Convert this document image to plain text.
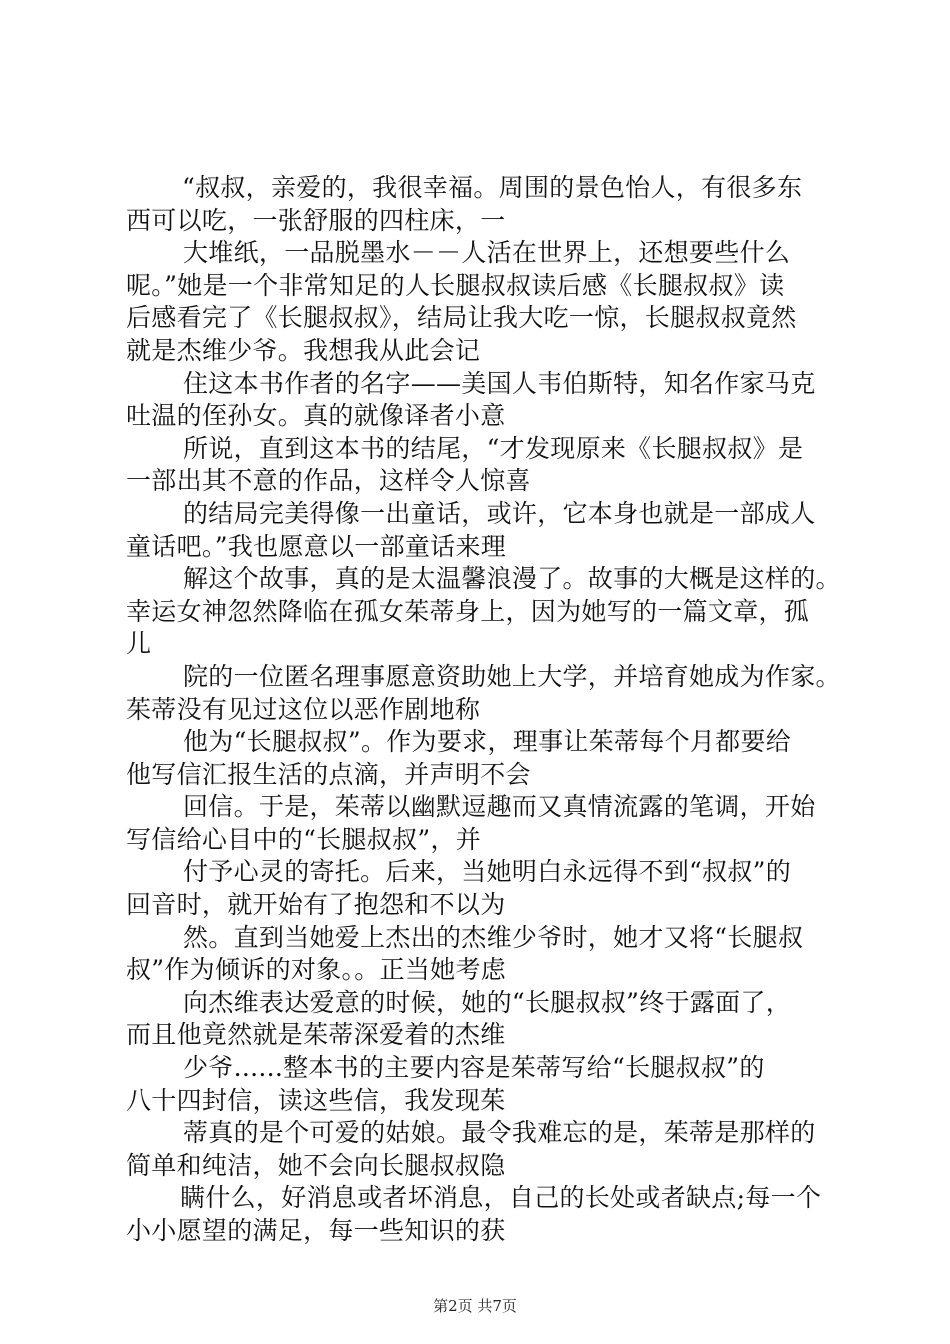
“叔叔，亲爱的，我很幸福。周围的景色怡人，有很多东
西可以吃，一张舒服的四柱床，一
大堆纸，一品脱墨水－－人活在世界上，还想要些什么
呢。”她是一个非常知足的人长腿叔叔读后感《长腿叔叔》读
后感看完了《长腿叔叔》，结局让我大吃一惊，长腿叔叔竟然
就是杰维少爷。我想我从此会记
住这本书作者的名字——美国人韦伯斯特，知名作家马克
吐温的侄孙女。真的就像译者小意
所说，直到这本书的结尾，“才发现原来《长腿叔叔》是
一部出其不意的作品，这样令人惊喜
的结局完美得像一出童话，或许，它本身也就是一部成人
童话吧。”我也愿意以一部童话来理
解这个故事，真的是太温馨浪漫了。故事的大概是这样的。
幸运女神忽然降临在孤女茱蒂身上，因为她写的一篇文章，孤
儿
院的一位匿名理事愿意资助她上大学，并培育她成为作家。
茱蒂没有见过这位以恶作剧地称
他为“长腿叔叔”。作为要求，理事让茱蒂每个月都要给
他写信汇报生活的点滴，并声明不会
回信。于是，茱蒂以幽默逗趣而又真情流露的笔调，开始
写信给心目中的“长腿叔叔”，并
付予心灵的寄托。后来，当她明白永远得不到“叔叔”的
回音时，就开始有了抱怨和不以为
然。直到当她爱上杰出的杰维少爷时，她才又将“长腿叔
叔”作为倾诉的对象。。正当她考虑
向杰维表达爱意的时候，她的“长腿叔叔”终于露面了，
而且他竟然就是茱蒂深爱着的杰维
少爷......整本书的主要内容是茱蒂写给“长腿叔叔”的
八十四封信，读这些信，我发现茱
蒂真的是个可爱的姑娘。最令我难忘的是，茱蒂是那样的
简单和纯洁，她不会向长腿叔叔隐
瞒什么，好消息或者坏消息，自己的长处或者缺点;每一个
小小愿望的满足，每一些知识的获
第2页 共7页
